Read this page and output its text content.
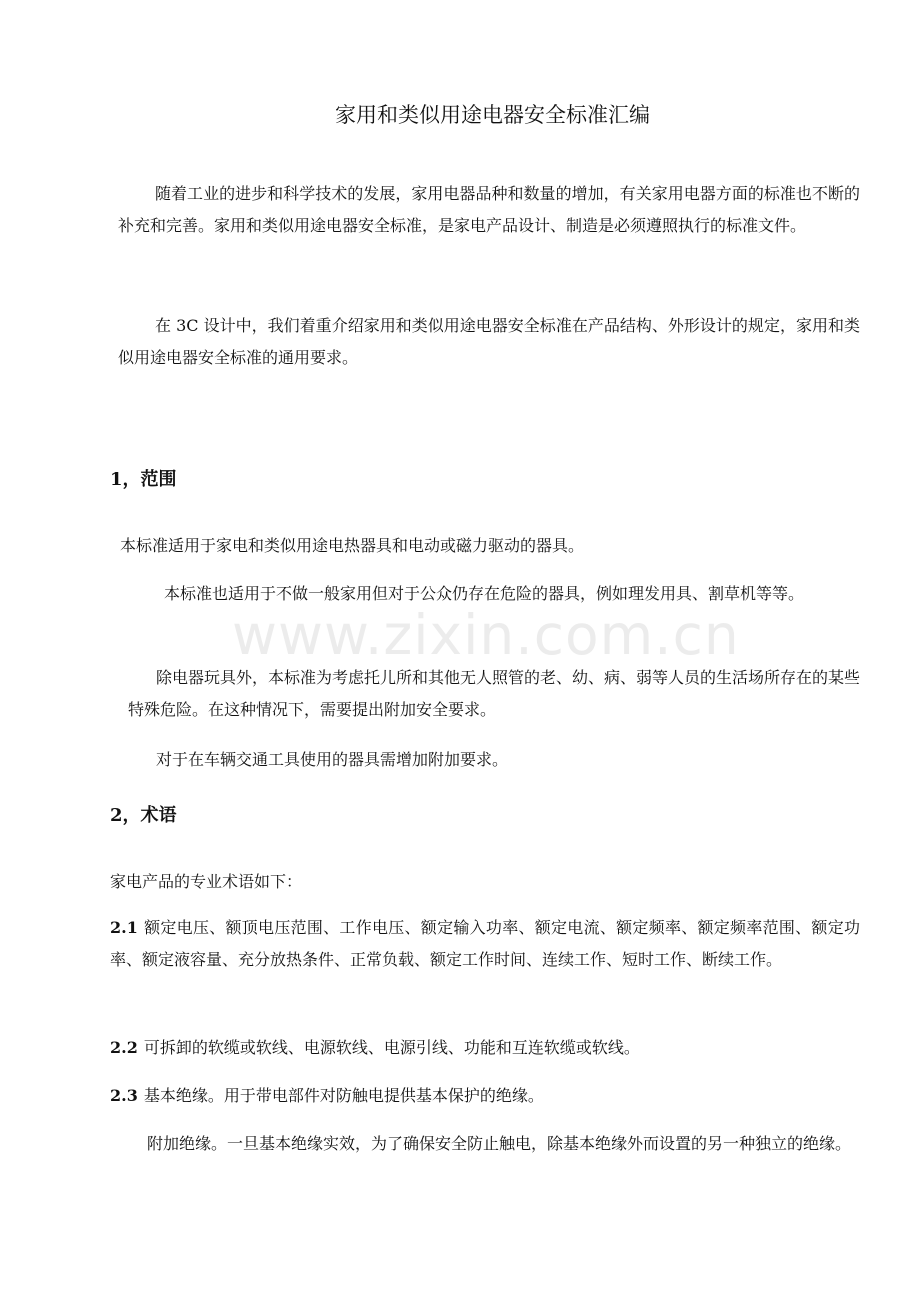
家用和类似用途电器安全标准汇编

随着工业的进步和科学技术的发展，家用电器品种和数量的增加，有关家用电器方面的标准也不断的补充和完善。家用和类似用途电器安全标准，是家电产品设计、制造是必须遵照执行的标准文件。

在 3C 设计中，我们着重介绍家用和类似用途电器安全标准在产品结构、外形设计的规定，家用和类似用途电器安全标准的通用要求。

1，范围

本标准适用于家电和类似用途电热器具和电动或磁力驱动的器具。

本标准也适用于不做一般家用但对于公众仍存在危险的器具，例如理发用具、割草机等等。

除电器玩具外，本标准为考虑托儿所和其他无人照管的老、幼、病、弱等人员的生活场所存在的某些特殊危险。在这种情况下，需要提出附加安全要求。

对于在车辆交通工具使用的器具需增加附加要求。

2，术语

家电产品的专业术语如下：

2.1 额定电压、额顶电压范围、工作电压、额定输入功率、额定电流、额定频率、额定频率范围、额定功率、额定液容量、充分放热条件、正常负载、额定工作时间、连续工作、短时工作、断续工作。

2.2 可拆卸的软缆或软线、电源软线、电源引线、功能和互连软缆或软线。

2.3 基本绝缘。用于带电部件对防触电提供基本保护的绝缘。

附加绝缘。一旦基本绝缘实效，为了确保安全防止触电，除基本绝缘外而设置的另一种独立的绝缘。

www.zixin.com.cn
